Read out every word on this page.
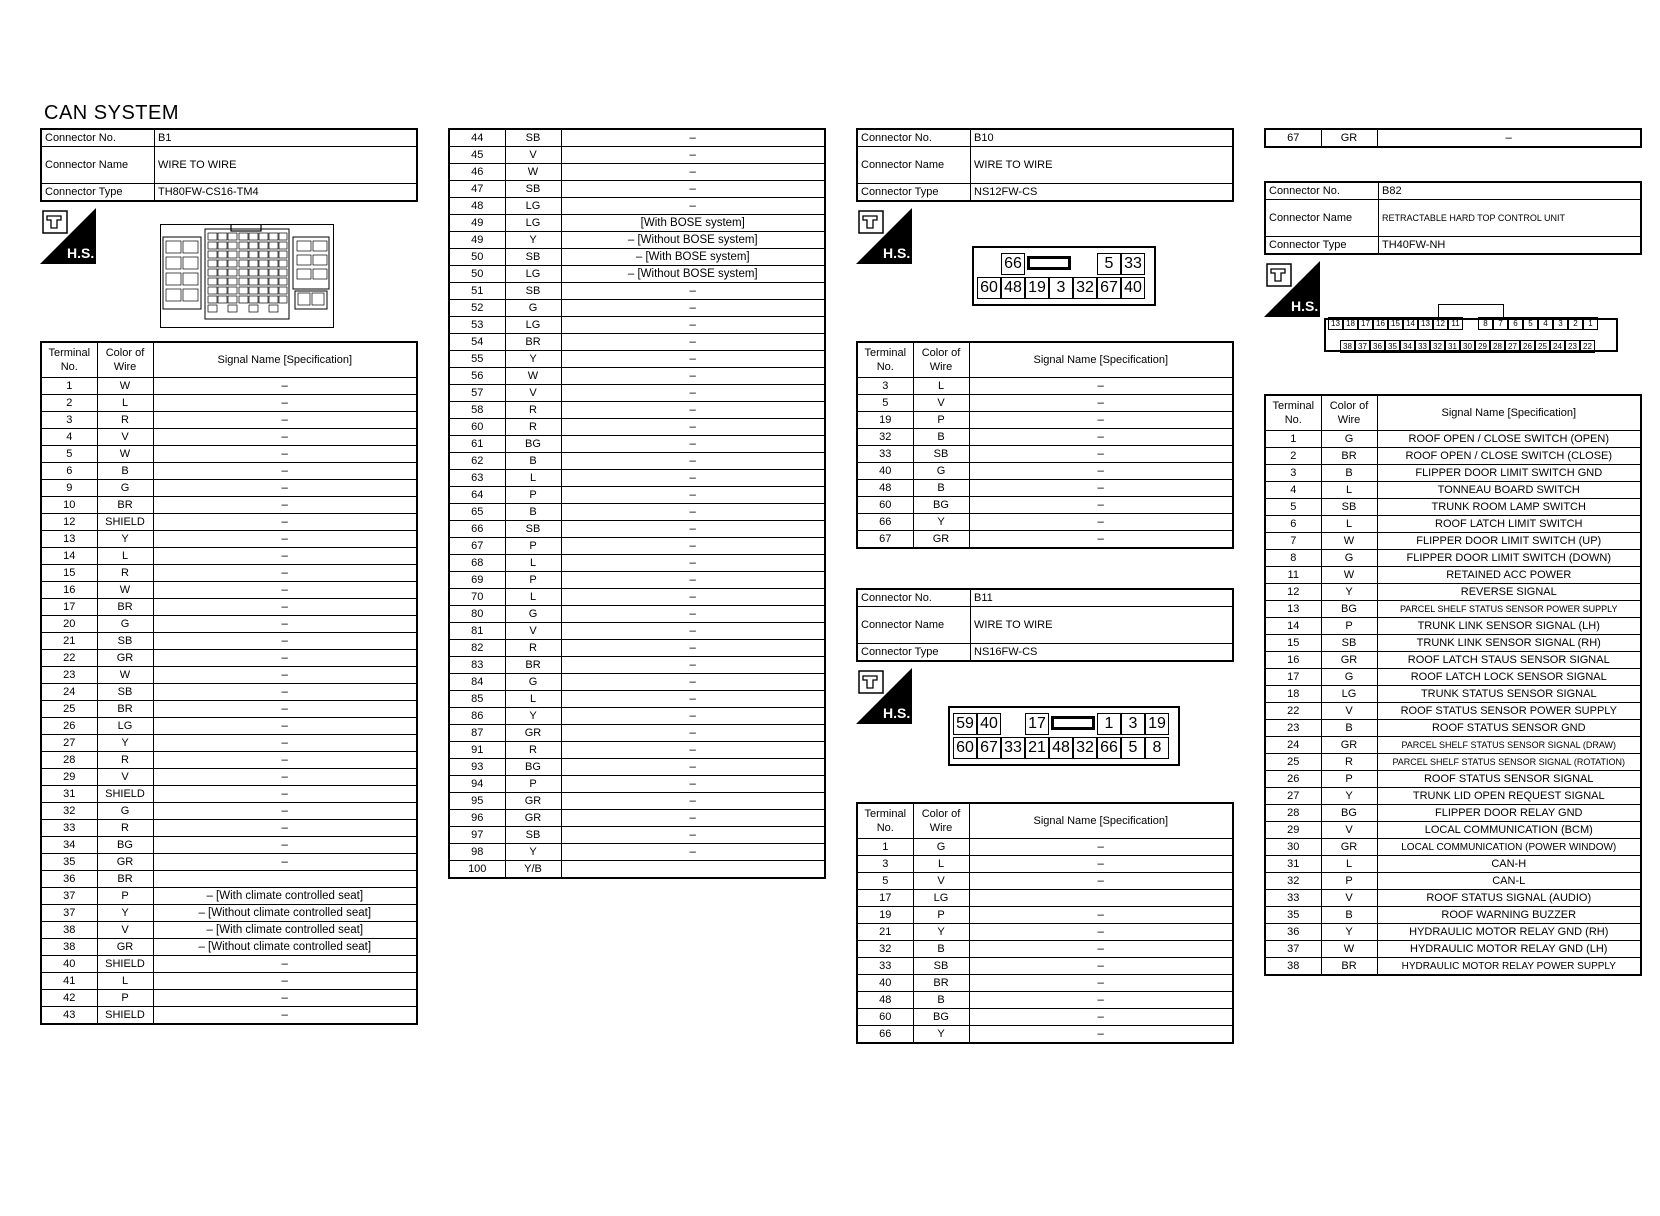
CAN SYSTEM
Connector No.	B1
Connector Name	WIRE TO WIRE
Connector Type	TH80FW-CS16-TM4
H.S.
Terminal No.	Color of Wire	Signal Name [Specification]
1	W	–
2	L	–
3	R	–
4	V	–
5	W	–
6	B	–
9	G	–
10	BR	–
12	SHIELD	–
13	Y	–
14	L	–
15	R	–
16	W	–
17	BR	–
20	G	–
21	SB	–
22	GR	–
23	W	–
24	SB	–
25	BR	–
26	LG	–
27	Y	–
28	R	–
29	V	–
31	SHIELD	–
32	G	–
33	R	–
34	BG	–
35	GR	–
36	BR	
37	P	– [With climate controlled seat]
37	Y	– [Without climate controlled seat]
38	V	– [With climate controlled seat]
38	GR	– [Without climate controlled seat]
40	SHIELD	–
41	L	–
42	P	–
43	SHIELD	–
44	SB	–
45	V	–
46	W	–
47	SB	–
48	LG	–
49	LG	[With BOSE system]
49	Y	– [Without BOSE system]
50	SB	– [With BOSE system]
50	LG	– [Without BOSE system]
51	SB	–
52	G	–
53	LG	–
54	BR	–
55	Y	–
56	W	–
57	V	–
58	R	–
60	R	–
61	BG	–
62	B	–
63	L	–
64	P	–
65	B	–
66	SB	–
67	P	–
68	L	–
69	P	–
70	L	–
80	G	–
81	V	–
82	R	–
83	BR	–
84	G	–
85	L	–
86	Y	–
87	GR	–
91	R	–
93	BG	–
94	P	–
95	GR	–
96	GR	–
97	SB	–
98	Y	–
100	Y/B	
Connector No.	B10
Connector Name	WIRE TO WIRE
Connector Type	NS12FW-CS
H.S.
66	5 33
60 48 19 3 32 67 40
Terminal No.	Color of Wire	Signal Name [Specification]
3	L	–
5	V	–
19	P	–
32	B	–
33	SB	–
40	G	–
48	B	–
60	BG	–
66	Y	–
67	GR	–
Connector No.	B11
Connector Name	WIRE TO WIRE
Connector Type	NS16FW-CS
H.S.
59 40 17	1 3 19
60 67 33 21 48 32 66 5 8
Terminal No.	Color of Wire	Signal Name [Specification]
1	G	–
3	L	–
5	V	–
17	LG	
19	P	–
21	Y	–
32	B	–
33	SB	–
40	BR	–
48	B	–
60	BG	–
66	Y	–
67	GR	–
Connector No.	B82
Connector Name	RETRACTABLE HARD TOP CONTROL UNIT
Connector Type	TH40FW-NH
H.S.
13 18 17 16 15 14 13 12 11	8	7	6	5	4	3	2	1
38 37 36 35 34 33 32 31 30 29 28 27 26 25 24 23 22
Terminal No.	Color of Wire	Signal Name [Specification]
1	G	ROOF OPEN / CLOSE SWITCH (OPEN)
2	BR	ROOF OPEN / CLOSE SWITCH (CLOSE)
3	B	FLIPPER DOOR LIMIT SWITCH GND
4	L	TONNEAU BOARD SWITCH
5	SB	TRUNK ROOM LAMP SWITCH
6	L	ROOF LATCH LIMIT SWITCH
7	W	FLIPPER DOOR LIMIT SWITCH (UP)
8	G	FLIPPER DOOR LIMIT SWITCH (DOWN)
11	W	RETAINED ACC POWER
12	Y	REVERSE SIGNAL
13	BG	PARCEL SHELF STATUS SENSOR POWER SUPPLY
14	P	TRUNK LINK SENSOR SIGNAL (LH)
15	SB	TRUNK LINK SENSOR SIGNAL (RH)
16	GR	ROOF LATCH STAUS SENSOR SIGNAL
17	G	ROOF LATCH LOCK SENSOR SIGNAL
18	LG	TRUNK STATUS SENSOR SIGNAL
22	V	ROOF STATUS SENSOR POWER SUPPLY
23	B	ROOF STATUS SENSOR GND
24	GR	PARCEL SHELF STATUS SENSOR SIGNAL (DRAW)
25	R	PARCEL SHELF STATUS SENSOR SIGNAL (ROTATION)
26	P	ROOF STATUS SENSOR SIGNAL
27	Y	TRUNK LID OPEN REQUEST SIGNAL
28	BG	FLIPPER DOOR RELAY GND
29	V	LOCAL COMMUNICATION (BCM)
30	GR	LOCAL COMMUNICATION (POWER WINDOW)
31	L	CAN-H
32	P	CAN-L
33	V	ROOF STATUS SIGNAL (AUDIO)
35	B	ROOF WARNING BUZZER
36	Y	HYDRAULIC MOTOR RELAY GND (RH)
37	W	HYDRAULIC MOTOR RELAY GND (LH)
38	BR	HYDRAULIC MOTOR RELAY POWER SUPPLY
